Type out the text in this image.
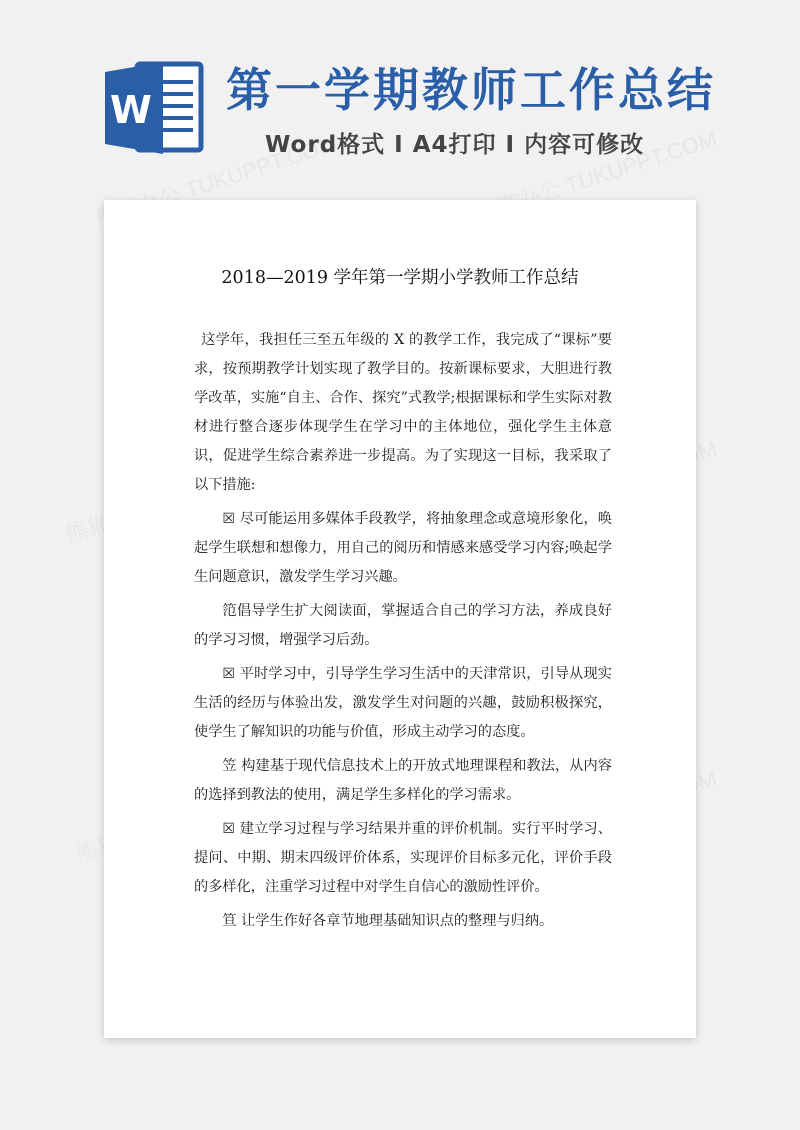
W 第一学期教师工作总结
Word格式 I A4打印 I 内容可修改
2018—2019 学年第一学期小学教师工作总结

这学年，我担任三至五年级的 X 的教学工作，我完成了“课标”要求，按预期教学计划实现了教学目的。按新课标要求，大胆进行教学改革，实施“自主、合作、探究”式教学;根据课标和学生实际对教材进行整合逐步体现学生在学习中的主体地位，强化学生主体意识，促进学生综合素养进一步提高。为了实现这一目标，我采取了以下措施:

☒ 尽可能运用多媒体手段教学，将抽象理念或意境形象化，唤起学生联想和想像力，用自己的阅历和情感来感受学习内容;唤起学生问题意识，激发学生学习兴趣。

笵倡导学生扩大阅读面，掌握适合自己的学习方法，养成良好的学习习惯，增强学习后劲。

☒ 平时学习中，引导学生学习生活中的天津常识，引导从现实生活的经历与体验出发，激发学生对问题的兴趣，鼓励积极探究，使学生了解知识的功能与价值，形成主动学习的态度。

笠 构建基于现代信息技术上的开放式地理课程和教法，从内容的选择到教法的使用，满足学生多样化的学习需求。

☒ 建立学习过程与学习结果并重的评价机制。实行平时学习、提问、中期、期末四级评价体系，实现评价目标多元化，评价手段的多样化，注重学习过程中对学生自信心的激励性评价。

笪 让学生作好各章节地理基础知识点的整理与归纳。
